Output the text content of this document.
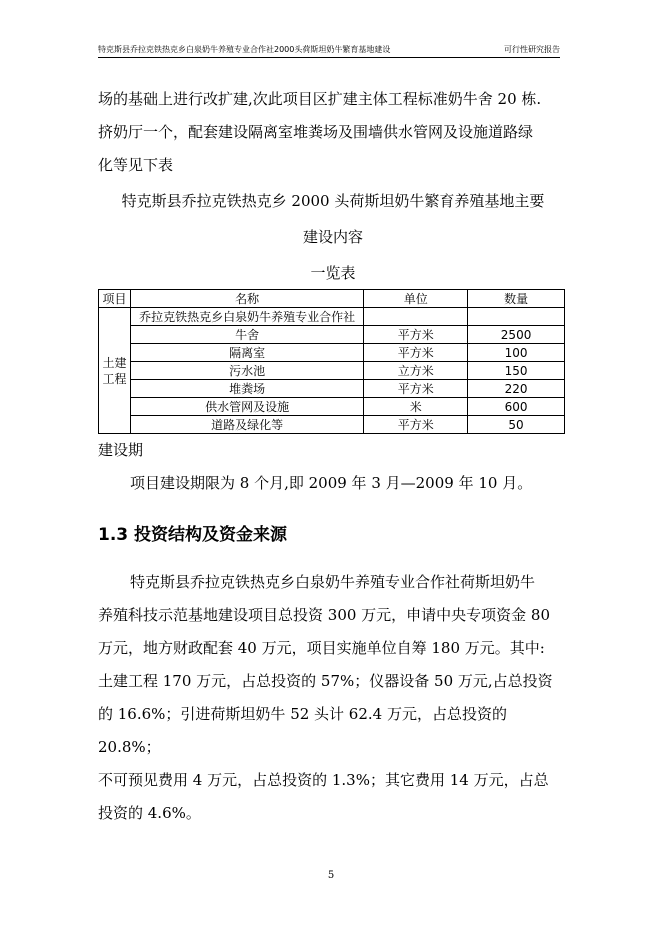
特克斯县乔拉克铁热克乡白泉奶牛养殖专业合作社2000头荷斯坦奶牛繁育基地建设	可行性研究报告
场的基础上进行改扩建,次此项目区扩建主体工程标准奶牛舍 20 栋.
挤奶厅一个，配套建设隔离室堆粪场及围墙供水管网及设施道路绿
化等见下表
特克斯县乔拉克铁热克乡 2000 头荷斯坦奶牛繁育养殖基地主要
建设内容
一览表
项目	名称	单位	数量
土建
工程	乔拉克铁热克乡白泉奶牛养殖专业合作社		
	牛舍	平方米	2500
	隔离室	平方米	100
	污水池	立方米	150
	堆粪场	平方米	220
	供水管网及设施	米	600
	道路及绿化等	平方米	50
建设期
项目建设期限为 8 个月,即 2009 年 3 月—2009 年 10 月。
1.3 投资结构及资金来源
特克斯县乔拉克铁热克乡白泉奶牛养殖专业合作社荷斯坦奶牛
养殖科技示范基地建设项目总投资 300 万元，申请中央专项资金 80
万元，地方财政配套 40 万元，项目实施单位自筹 180 万元。其中:
土建工程 170 万元，占总投资的 57%；仪器设备 50 万元,占总投资
的 16.6%；引进荷斯坦奶牛 52 头计 62.4 万元，占总投资的 20.8%；
不可预见费用 4 万元，占总投资的 1.3%；其它费用 14 万元，占总
投资的 4.6%。
5
